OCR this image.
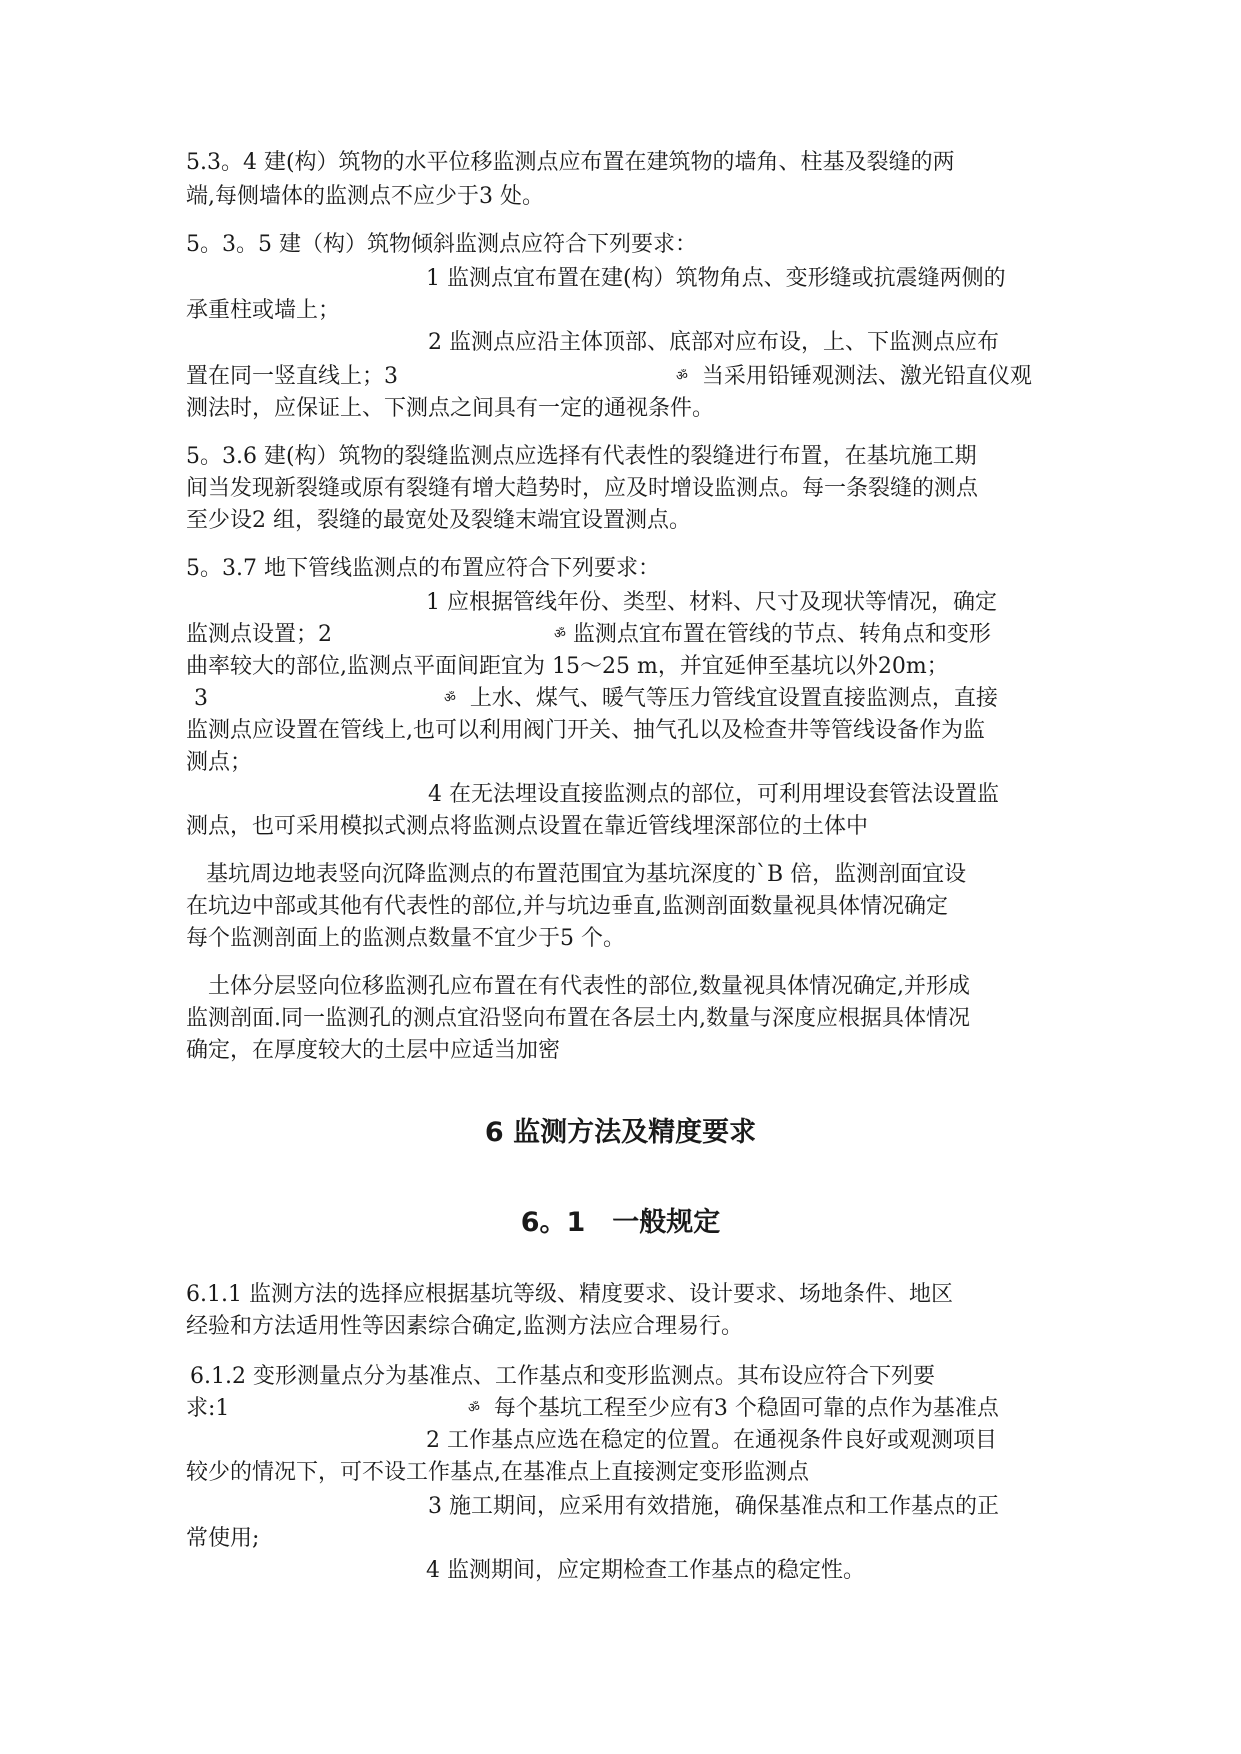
5.3。4 建(构）筑物的水平位移监测点应布置在建筑物的墙角、柱基及裂缝的两
端,每侧墙体的监测点不应少于3 处。
5。3。5 建（构）筑物倾斜监测点应符合下列要求：
1 监测点宜布置在建(构）筑物角点、变形缝或抗震缝两侧的
承重柱或墙上；
2 监测点应沿主体顶部、底部对应布设，上、下监测点应布
置在同一竖直线上；3	ॐ 当采用铅锤观测法、激光铅直仪观
测法时，应保证上、下测点之间具有一定的通视条件。
5。3.6 建(构）筑物的裂缝监测点应选择有代表性的裂缝进行布置，在基坑施工期
间当发现新裂缝或原有裂缝有增大趋势时，应及时增设监测点。每一条裂缝的测点
至少设2 组，裂缝的最宽处及裂缝末端宜设置测点。
5。3.7 地下管线监测点的布置应符合下列要求：
1 应根据管线年份、类型、材料、尺寸及现状等情况，确定
监测点设置；2	ॐ 监测点宜布置在管线的节点、转角点和变形
曲率较大的部位,监测点平面间距宜为 15～25 m，并宜延伸至基坑以外20m；
3	ॐ 上水、煤气、暖气等压力管线宜设置直接监测点，直接
监测点应设置在管线上,也可以利用阀门开关、抽气孔以及检查井等管线设备作为监
测点；
4 在无法埋设直接监测点的部位，可利用埋设套管法设置监
测点，也可采用模拟式测点将监测点设置在靠近管线埋深部位的土体中
基坑周边地表竖向沉降监测点的布置范围宜为基坑深度的`B 倍，监测剖面宜设
在坑边中部或其他有代表性的部位,并与坑边垂直,监测剖面数量视具体情况确定
每个监测剖面上的监测点数量不宜少于5 个。
土体分层竖向位移监测孔应布置在有代表性的部位,数量视具体情况确定,并形成
监测剖面.同一监测孔的测点宜沿竖向布置在各层土内,数量与深度应根据具体情况
确定，在厚度较大的土层中应适当加密
6 监测方法及精度要求
6。1　一般规定
6.1.1 监测方法的选择应根据基坑等级、精度要求、设计要求、场地条件、地区
经验和方法适用性等因素综合确定,监测方法应合理易行。
6.1.2 变形测量点分为基准点、工作基点和变形监测点。其布设应符合下列要
求:1	ॐ 每个基坑工程至少应有3 个稳固可靠的点作为基准点
2 工作基点应选在稳定的位置。在通视条件良好或观测项目
较少的情况下，可不设工作基点,在基准点上直接测定变形监测点
3 施工期间，应采用有效措施，确保基准点和工作基点的正
常使用;
4 监测期间，应定期检查工作基点的稳定性。
